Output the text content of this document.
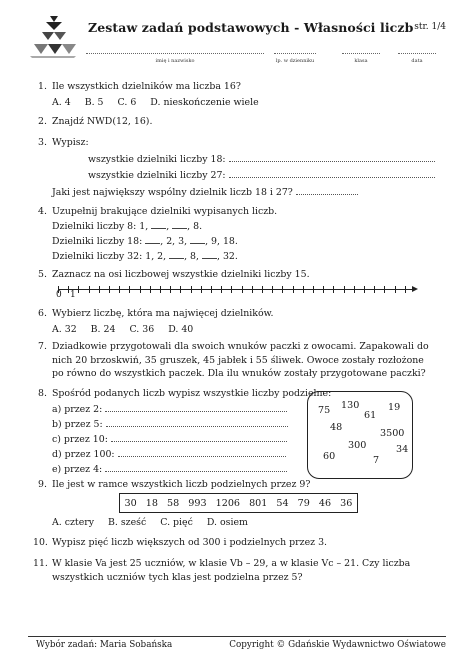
Zestaw zadań podstawowych - Własności liczb str. 1/4
imię i nazwisko	lp. w dzienniku	klasa	data
1. Ile wszystkich dzielników ma liczba 16?
A. 4 B. 5 C. 6 D. nieskończenie wiele
2. Znajdź NWD(12, 16).
3. Wypisz:
wszystkie dzielniki liczby 18:
wszystkie dzielniki liczby 27:
Jaki jest największy wspólny dzielnik liczb 18 i 27?
4. Uzupełnij brakujące dzielniki wypisanych liczb.
Dzielniki liczby 8: 1, , , 8.
Dzielniki liczby 18: , 2, 3, , 9, 18.
Dzielniki liczby 32: 1, 2, , 8, , 32.
5. Zaznacz na osi liczbowej wszystkie dzielniki liczby 15.
0 1
6. Wybierz liczbę, która ma najwięcej dzielników.
A. 32 B. 24 C. 36 D. 40
7. Dziadkowie przygotowali dla swoich wnuków paczki z owocami. Zapakowali do nich 20 brzoskwiń, 35 gruszek, 45 jabłek i 55 śliwek. Owoce zostały rozłożone po równo do wszystkich paczek. Dla ilu wnuków zostały przygotowane paczki?
8. Spośród podanych liczb wypisz wszystkie liczby podzielne:
a) przez 2:
b) przez 5:
c) przez 10:
d) przez 100:
e) przez 4:
75 130	19
61
48
3500
300	34
60	7
9. Ile jest w ramce wszystkich liczb podzielnych przez 9?
30 18 58 993 1206 801 54 79 46 36
A. cztery B. sześć C. pięć D. osiem
10. Wypisz pięć liczb większych od 300 i podzielnych przez 3.
11. W klasie Va jest 25 uczniów, w klasie Vb – 29, a w klasie Vc – 21. Czy liczba wszystkich uczniów tych klas jest podzielna przez 5?
Wybór zadań: Maria Sobańska	Copyright © Gdańskie Wydawnictwo Oświatowe
